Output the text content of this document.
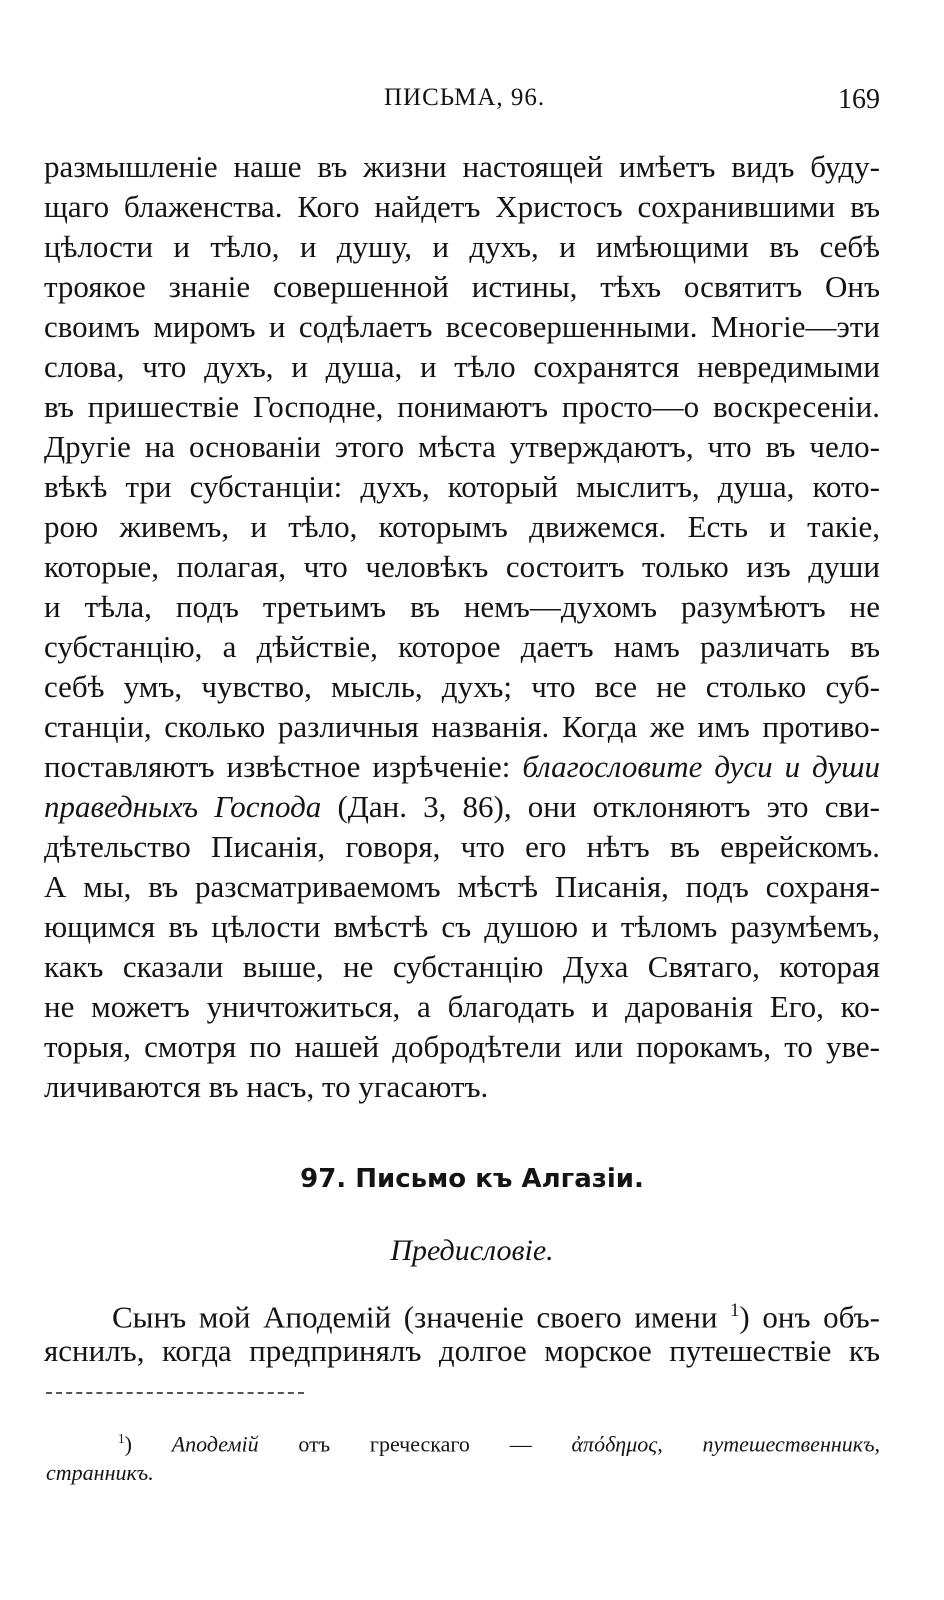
ПИСЬМА, 96.	169
размышленіе наше въ жизни настоящей имѣетъ видъ буду-
щаго блаженства. Кого найдетъ Христосъ сохранившими въ
цѣлости и тѣло, и душу, и духъ, и имѣющими въ себѣ
троякое знаніе совершенной истины, тѣхъ освятитъ Онъ
своимъ миромъ и содѣлаетъ всесовершенными. Многіе—эти
слова, что духъ, и душа, и тѣло сохранятся невредимыми
въ пришествіе Господне, понимаютъ просто—о воскресеніи.
Другіе на основаніи этого мѣста утверждаютъ, что въ чело-
вѣкѣ три субстанціи: духъ, который мыслитъ, душа, кото-
рою живемъ, и тѣло, которымъ движемся. Есть и такіе,
которые, полагая, что человѣкъ состоитъ только изъ души
и тѣла, подъ третьимъ въ немъ—духомъ разумѣютъ не
субстанцію, а дѣйствіе, которое даетъ намъ различать въ
себѣ умъ, чувство, мысль, духъ; что все не столько суб-
станціи, сколько различныя названія. Когда же имъ противо-
поставляютъ извѣстное изрѣченіе: благословите дуси и души
праведныхъ Господа (Дан. 3, 86), они отклоняютъ это сви-
дѣтельство Писанія, говоря, что его нѣтъ въ еврейскомъ.
А мы, въ разсматриваемомъ мѣстѣ Писанія, подъ сохраня-
ющимся въ цѣлости вмѣстѣ съ душою и тѣломъ разумѣемъ,
какъ сказали выше, не субстанцію Духа Святаго, которая
не можетъ уничтожиться, а благодать и дарованія Его, ко-
торыя, смотря по нашей добродѣтели или порокамъ, то уве-
личиваются въ насъ, то угасаютъ.
97. Письмо къ Алгазіи.
Предисловіе.
Сынъ мой Аподемій (значеніе своего имени $^1$) онъ объ-
яснилъ, когда предпринялъ долгое морское путешествіе къ
$^1$) Аподемій отъ греческаго — ἀπόδημος, путешественникъ,
странникъ.
